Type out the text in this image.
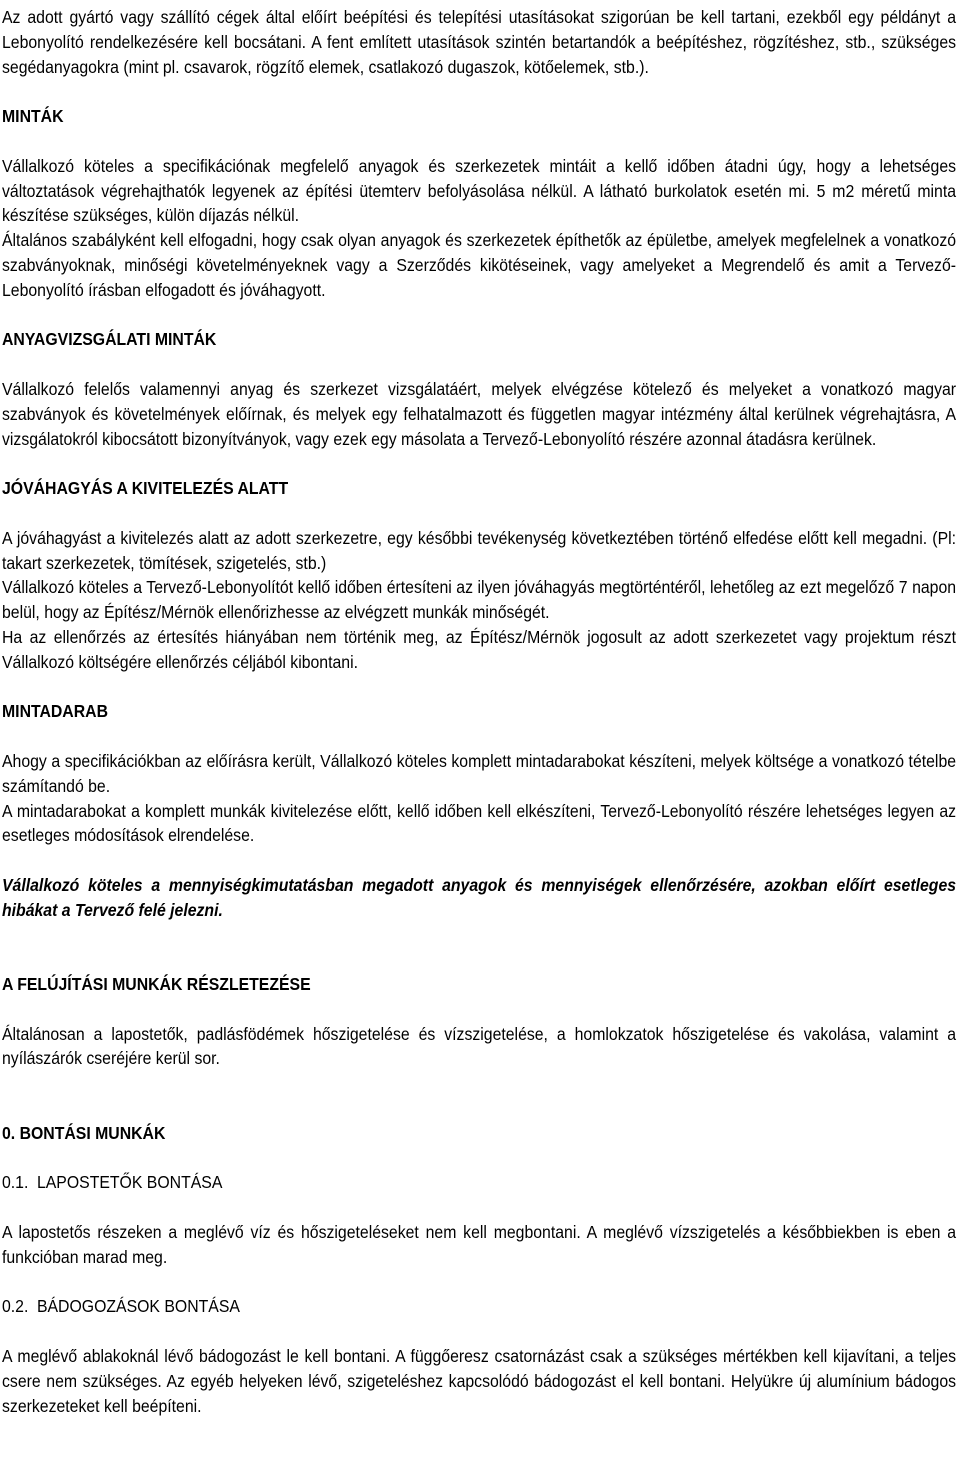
Az adott gyártó vagy szállító cégek által előírt beépítési és telepítési utasításokat szigorúan be kell tartani, ezekből egy példányt a Lebonyolító rendelkezésére kell bocsátani. A fent említett utasítások szintén betartandók a beépítéshez, rögzítéshez, stb., szükséges segédanyagokra (mint pl. csavarok, rögzítő elemek, csatlakozó dugaszok, kötőelemek, stb.).

MINTÁK

Vállalkozó köteles a specifikációnak megfelelő anyagok és szerkezetek mintáit a kellő időben átadni úgy, hogy a lehetséges változtatások végrehajthatók legyenek az építési ütemterv befolyásolása nélkül. A látható burkolatok esetén mi. 5 m2 méretű minta készítése szükséges, külön díjazás nélkül.

Általános szabályként kell elfogadni, hogy csak olyan anyagok és szerkezetek építhetők az épületbe, amelyek megfelelnek a vonatkozó szabványoknak, minőségi követelményeknek vagy a Szerződés kikötéseinek, vagy amelyeket a Megrendelő és amit a Tervező-Lebonyolító írásban elfogadott és jóváhagyott.

ANYAGVIZSGÁLATI MINTÁK

Vállalkozó felelős valamennyi anyag és szerkezet vizsgálatáért, melyek elvégzése kötelező és melyeket a vonatkozó magyar szabványok és követelmények előírnak, és melyek egy felhatalmazott és független magyar intézmény által kerülnek végrehajtásra, A vizsgálatokról kibocsátott bizonyítványok, vagy ezek egy másolata a Tervező-Lebonyolító részére azonnal átadásra kerülnek.

JÓVÁHAGYÁS A KIVITELEZÉS ALATT

A jóváhagyást a kivitelezés alatt az adott szerkezetre, egy későbbi tevékenység következtében történő elfedése előtt kell megadni. (Pl: takart szerkezetek, tömítések, szigetelés, stb.)

Vállalkozó köteles a Tervező-Lebonyolítót kellő időben értesíteni az ilyen jóváhagyás megtörténtéről, lehetőleg az ezt megelőző 7 napon belül, hogy az Építész/Mérnök ellenőrizhesse az elvégzett munkák minőségét.

Ha az ellenőrzés az értesítés hiányában nem történik meg, az Építész/Mérnök jogosult az adott szerkezetet vagy projektum részt Vállalkozó költségére ellenőrzés céljából kibontani.

MINTADARAB

Ahogy a specifikációkban az előírásra került, Vállalkozó köteles komplett mintadarabokat készíteni, melyek költsége a vonatkozó tételbe számítandó be.

A mintadarabokat a komplett munkák kivitelezése előtt, kellő időben kell elkészíteni, Tervező-Lebonyolító részére lehetséges legyen az esetleges módosítások elrendelése.

Vállalkozó köteles a mennyiségkimutatásban megadott anyagok és mennyiségek ellenőrzésére, azokban előírt esetleges hibákat a Tervező felé jelezni.

A FELÚJÍTÁSI MUNKÁK RÉSZLETEZÉSE

Általánosan a lapostetők, padlásfödémek hőszigetelése és vízszigetelése, a homlokzatok hőszigetelése és vakolása, valamint a nyílászárók cseréjére kerül sor.

0. BONTÁSI MUNKÁK
0.1. LAPOSTETŐK BONTÁSA

A lapostetős részeken a meglévő víz és hőszigeteléseket nem kell megbontani. A meglévő vízszigetelés a későbbiekben is eben a funkcióban marad meg.

0.2. BÁDOGOZÁSOK BONTÁSA

A meglévő ablakoknál lévő bádogozást le kell bontani. A függőeresz csatornázást csak a szükséges mértékben kell kijavítani, a teljes csere nem szükséges. Az egyéb helyeken lévő, szigeteléshez kapcsolódó bádogozást el kell bontani. Helyükre új alumínium bádogos szerkezeteket kell beépíteni.
